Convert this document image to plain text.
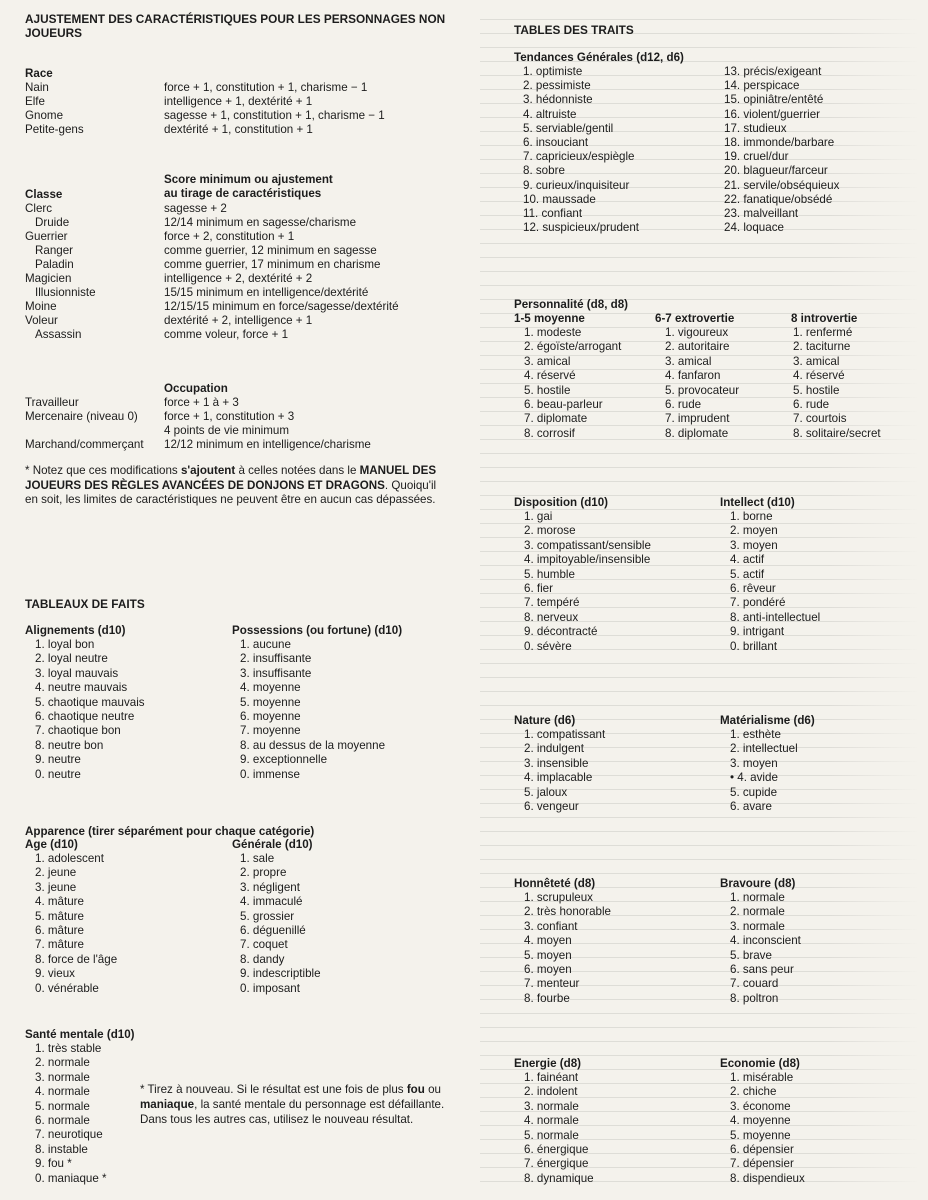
AJUSTEMENT DES CARACTÉRISTIQUES POUR LES PERSONNAGES NON JOUEURS
Race
Nain	force + 1, constitution + 1, charisme − 1
Elfe	intelligence + 1, dextérité + 1
Gnome	sagesse + 1, constitution + 1, charisme − 1
Petite-gens	dextérité + 1, constitution + 1
Score minimum ou ajustement
au tirage de caractéristiques
Classe
Clerc	sagesse + 2
Druide	12/14 minimum en sagesse/charisme
Guerrier	force + 2, constitution + 1
Ranger	comme guerrier, 12 minimum en sagesse
Paladin	comme guerrier, 17 minimum en charisme
Magicien	intelligence + 2, dextérité + 2
Illusionniste	15/15 minimum en intelligence/dextérité
Moine	12/15/15 minimum en force/sagesse/dextérité
Voleur	dextérité + 2, intelligence + 1
Assassin	comme voleur, force + 1
Occupation
Travailleur	force + 1 à + 3
Mercenaire (niveau 0)	force + 1, constitution + 3
4 points de vie minimum
Marchand/commerçant	12/12 minimum en intelligence/charisme
* Notez que ces modifications s'ajoutent à celles notées dans le MANUEL DES JOUEURS DES RÈGLES AVANCÉES DE DONJONS ET DRAGONS. Quoiqu'il en soit, les limites de caractéristiques ne peuvent être en aucun cas dépassées.
TABLEAUX DE FAITS
Alignements (d10)
1. loyal bon
2. loyal neutre
3. loyal mauvais
4. neutre mauvais
5. chaotique mauvais
6. chaotique neutre
7. chaotique bon
8. neutre bon
9. neutre
0. neutre
Possessions (ou fortune) (d10)
1. aucune
2. insuffisante
3. insuffisante
4. moyenne
5. moyenne
6. moyenne
7. moyenne
8. au dessus de la moyenne
9. exceptionnelle
0. immense
Apparence (tirer séparément pour chaque catégorie)
Age (d10)
1. adolescent
2. jeune
3. jeune
4. mâture
5. mâture
6. mâture
7. mâture
8. force de l'âge
9. vieux
0. vénérable
Générale (d10)
1. sale
2. propre
3. négligent
4. immaculé
5. grossier
6. déguenillé
7. coquet
8. dandy
9. indescriptible
0. imposant
Santé mentale (d10)
1. très stable
2. normale
3. normale
4. normale
5. normale
6. normale
7. neurotique
8. instable
9. fou *
0. maniaque *
* Tirez à nouveau. Si le résultat est une fois de plus fou ou maniaque, la santé mentale du personnage est défaillante. Dans tous les autres cas, utilisez le nouveau résultat.
TABLES DES TRAITS
Tendances Générales (d12, d6)
1. optimiste
2. pessimiste
3. hédonniste
4. altruiste
5. serviable/gentil
6. insouciant
7. capricieux/espiègle
8. sobre
9. curieux/inquisiteur
10. maussade
11. confiant
12. suspicieux/prudent
13. précis/exigeant
14. perspicace
15. opiniâtre/entêté
16. violent/guerrier
17. studieux
18. immonde/barbare
19. cruel/dur
20. blagueur/farceur
21. servile/obséquieux
22. fanatique/obsédé
23. malveillant
24. loquace
Personnalité (d8, d8)
1-5 moyenne
1. modeste
2. égoïste/arrogant
3. amical
4. réservé
5. hostile
6. beau-parleur
7. diplomate
8. corrosif
6-7 extrovertie
1. vigoureux
2. autoritaire
3. amical
4. fanfaron
5. provocateur
6. rude
7. imprudent
8. diplomate
8 introvertie
1. renfermé
2. taciturne
3. amical
4. réservé
5. hostile
6. rude
7. courtois
8. solitaire/secret
Disposition (d10)
1. gai
2. morose
3. compatissant/sensible
4. impitoyable/insensible
5. humble
6. fier
7. tempéré
8. nerveux
9. décontracté
0. sévère
Intellect (d10)
1. borne
2. moyen
3. moyen
4. actif
5. actif
6. rêveur
7. pondéré
8. anti-intellectuel
9. intrigant
0. brillant
Nature (d6)
1. compatissant
2. indulgent
3. insensible
4. implacable
5. jaloux
6. vengeur
Matérialisme (d6)
1. esthète
2. intellectuel
3. moyen
• 4. avide
5. cupide
6. avare
Honnêteté (d8)
1. scrupuleux
2. très honorable
3. confiant
4. moyen
5. moyen
6. moyen
7. menteur
8. fourbe
Bravoure (d8)
1. normale
2. normale
3. normale
4. inconscient
5. brave
6. sans peur
7. couard
8. poltron
Energie (d8)
1. fainéant
2. indolent
3. normale
4. normale
5. normale
6. énergique
7. énergique
8. dynamique
Economie (d8)
1. misérable
2. chiche
3. économe
4. moyenne
5. moyenne
6. dépensier
7. dépensier
8. dispendieux
